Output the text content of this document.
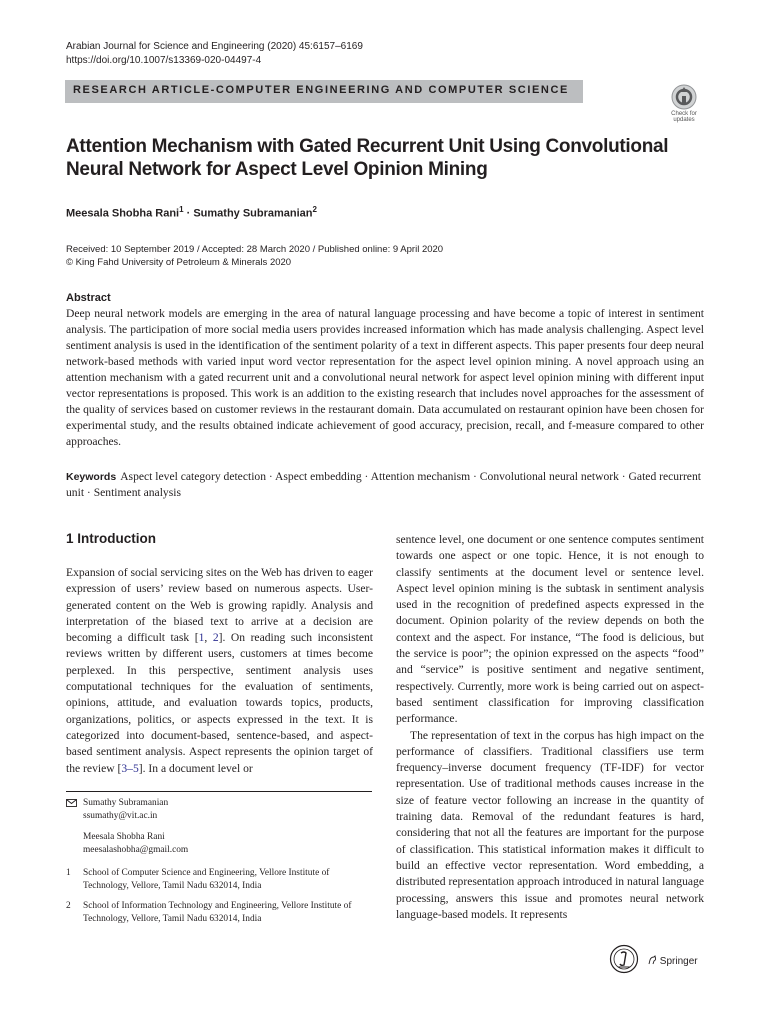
Arabian Journal for Science and Engineering (2020) 45:6157–6169
https://doi.org/10.1007/s13369-020-04497-4
RESEARCH ARTICLE-COMPUTER ENGINEERING AND COMPUTER SCIENCE
Check for updates
Attention Mechanism with Gated Recurrent Unit Using Convolutional Neural Network for Aspect Level Opinion Mining
Meesala Shobha Rani$^1$ · Sumathy Subramanian$^2$
Received: 10 September 2019 / Accepted: 28 March 2020 / Published online: 9 April 2020
© King Fahd University of Petroleum & Minerals 2020
Abstract
Deep neural network models are emerging in the area of natural language processing and have become a topic of interest in sentiment analysis. The participation of more social media users provides increased information which has made analysis challenging. Aspect level sentiment analysis is used in the identification of the sentiment polarity of a text in different aspects. This paper presents four deep neural network-based methods with varied input word vector representation for the aspect level opinion mining. A novel approach using an attention mechanism with a gated recurrent unit and a convolutional neural network for aspect level opinion mining with different input vector representations is proposed. This work is an addition to the existing research that includes novel approaches for the assessment of the quality of services based on customer reviews in the restaurant domain. Data accumulated on restaurant opinion have been chosen for experimental study, and the results obtained indicate achievement of good accuracy, precision, recall, and f-measure compared to other approaches.
Keywords Aspect level category detection · Aspect embedding · Attention mechanism · Convolutional neural network · Gated recurrent unit · Sentiment analysis
1 Introduction
Expansion of social servicing sites on the Web has driven to eager expression of users’ review based on numerous aspects. User-generated content on the Web is growing rapidly. Analysis and interpretation of the biased text to arrive at a decision are becoming a difficult task [1, 2]. On reading such inconsistent reviews written by different users, customers at times become perplexed. In this perspective, sentiment analysis uses computational techniques for the evaluation of sentiments, opinions, attitude, and evaluation towards topics, products, organizations, politics, or aspects expressed in the text. It is categorized into document-based, sentence-based, and aspect-based sentiment analysis. Aspect represents the opinion target of the review [3–5]. In a document level or

sentence level, one document or one sentence computes sentiment towards one aspect or one topic. Hence, it is not enough to classify sentiments at the document level or sentence level. Aspect level opinion mining is the subtask in sentiment analysis used in the recognition of predefined aspects expressed in the document. Opinion polarity of the review depends on both the context and the aspect. For instance, “The food is delicious, but the service is poor”; the opinion expressed on the aspects “food” and “service” is positive sentiment and negative sentiment, respectively. Currently, more work is being carried out on aspect-based sentiment classification for improving classification performance.

The representation of text in the corpus has high impact on the performance of classifiers. Traditional classifiers use term frequency–inverse document frequency (TF-IDF) for vector representation. Use of traditional methods causes increase in the size of feature vector following an increase in the quantity of training data. Removal of the redundant features is hard, considering that not all the features are important for the purpose of classification. This statistical information makes it difficult to build an effective vector representation. Word embedding, a distributed representation approach introduced in natural language processing, answers this issue and promotes neural network language-based models. It represents

Sumathy Subramanian
ssumathy@vit.ac.in
Meesala Shobha Rani
meesalashobha@gmail.com
1 School of Computer Science and Engineering, Vellore Institute of Technology, Vellore, Tamil Nadu 632014, India
2 School of Information Technology and Engineering, Vellore Institute of Technology, Vellore, Tamil Nadu 632014, India
Springer
